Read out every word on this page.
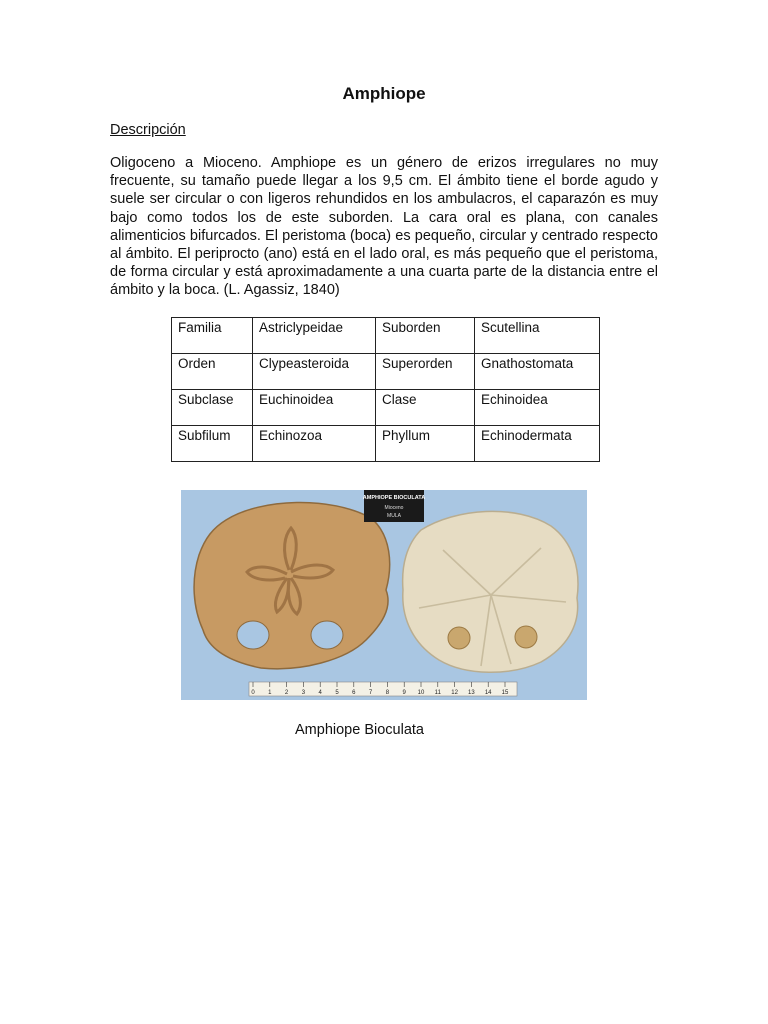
Amphiope
Descripción

Oligoceno a Mioceno. Amphiope es un género de erizos irregulares no muy frecuente, su tamaño puede llegar a los 9,5 cm. El ámbito tiene el borde agudo y suele ser circular o con ligeros rehundidos en los ambulacros, el caparazón es muy bajo como todos los de este suborden. La cara oral es plana, con canales alimenticios bifurcados. El peristoma (boca) es pequeño, circular y centrado respecto al ámbito. El periprocto (ano) está en el lado oral, es más pequeño que el peristoma, de forma circular y está aproximadamente a una cuarta parte de la distancia entre el ámbito y la boca. (L. Agassiz, 1840)

Familia	Astriclypeidae	Suborden	Scutellina
Orden	Clypeasteroida	Superorden	Gnathostomata
Subclase	Euchinoidea	Clase	Echinoidea
Subfilum	Echinozoa	Phyllum	Echinodermata
AMPHIOPE BIOCULATA
Mioceno
MULA
0 1 2 3 4 5 6 7 8 9 10 11 12 13 14 15
Amphiope Bioculata
